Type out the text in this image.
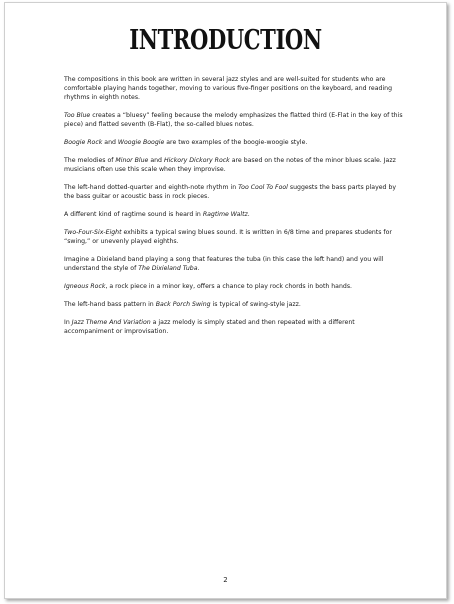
INTRODUCTION

The compositions in this book are written in several jazz styles and are well-suited for students who are comfortable playing hands together, moving to various five-finger positions on the keyboard, and reading rhythms in eighth notes.

Too Blue creates a “bluesy” feeling because the melody emphasizes the flatted third (E-Flat in the key of this piece) and flatted seventh (B-Flat), the so-called blues notes.

Boogie Rock and Woogie Boogie are two examples of the boogie-woogie style.

The melodies of Minor Blue and Hickory Dickory Rock are based on the notes of the minor blues scale. Jazz musicians often use this scale when they improvise.

The left-hand dotted-quarter and eighth-note rhythm in Too Cool To Fool suggests the bass parts played by the bass guitar or acoustic bass in rock pieces.

A different kind of ragtime sound is heard in Ragtime Waltz.

Two-Four-Six-Eight exhibits a typical swing blues sound. It is written in 6/8 time and prepares students for “swing,” or unevenly played eighths.

Imagine a Dixieland band playing a song that features the tuba (in this case the left hand) and you will understand the style of The Dixieland Tuba.

Igneous Rock, a rock piece in a minor key, offers a chance to play rock chords in both hands.

The left-hand bass pattern in Back Porch Swing is typical of swing-style jazz.

In Jazz Theme And Variation a jazz melody is simply stated and then repeated with a different accompaniment or improvisation.

2
